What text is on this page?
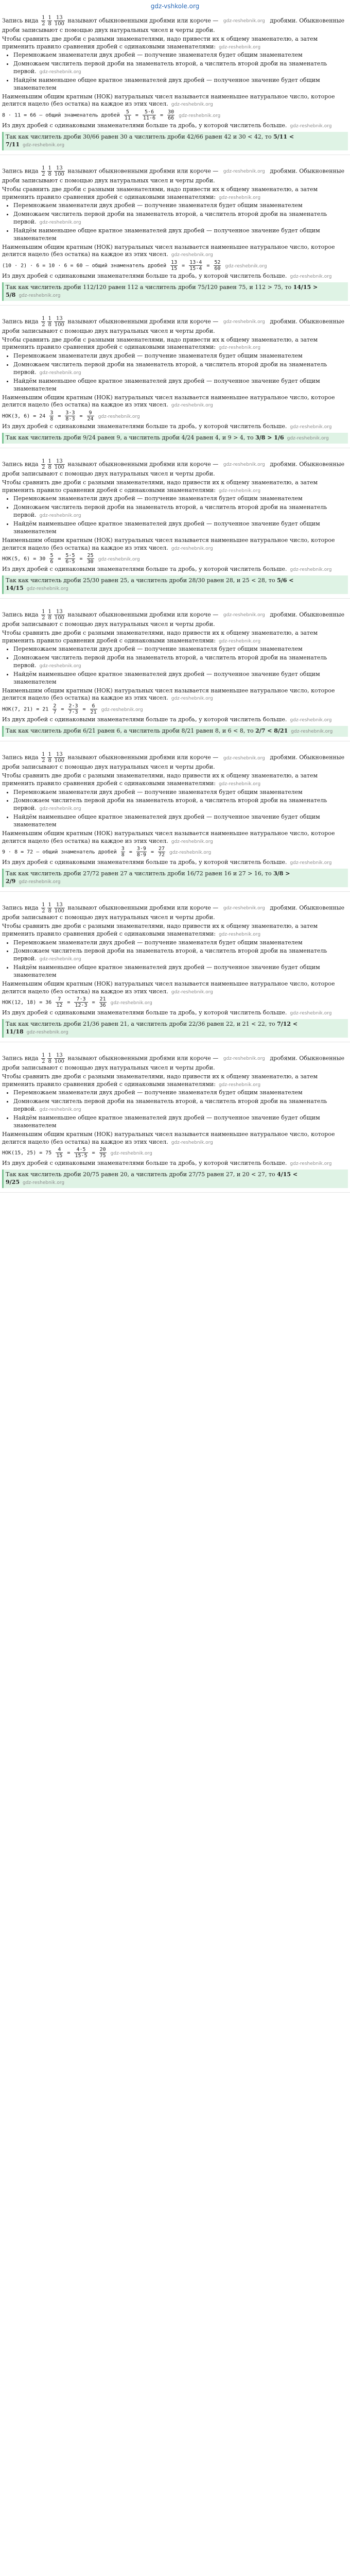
gdz-vshkole.org

Запись вида $\frac{1}{2} \frac{1}{8} \frac{13}{100}$ называют обыкновенными дробями или короче — gdz-reshebnik.org дробями. Обыкновенные дроби записывают с помощью двух натуральных чисел и черты дроби.

Чтобы сравнить две дроби с разными знаменателями, надо привести их к общему знаменателю, а затем применить правило сравнения дробей с одинаковыми знаменателями: gdz-reshebnik.org

• Перемножаем знаменатели двух дробей — получение знаменателя будет общим знаменателем
• Домножаем числитель первой дроби на знаменатель второй, а числитель второй дроби на знаменатель первой. gdz-reshebnik.org
• Найдём наименьшее общее кратное знаменателей двух дробей — полученное значение будет общим знаменателем

Наименьшим общим кратным (НОК) натуральных чисел называется наименьшее натуральное число, которое делится нацело (без остатка) на каждое из этих чисел. gdz-reshebnik.org

8 · 11 = 66 — общий знаменатель дробей $\frac{5}{11} = \frac{5\cdot 6}{11\cdot 6} = \frac{30}{66}$ gdz-reshebnik.org

Из двух дробей с одинаковыми знаменателями больше та дробь, у которой числитель больше. gdz-reshebnik.org

Так как числитель дроби 30/66 равен 30 а числитель дроби 42/66 равен 42 и 30 < 42, то 5/11 < 7/11 gdz-reshebnik.org

Запись вида $\frac{1}{2} \frac{1}{8} \frac{13}{100}$ называют обыкновенными дробями или короче — gdz-reshebnik.org дробями. Обыкновенные дроби записывают с помощью двух натуральных чисел и черты дроби.

Чтобы сравнить две дроби с разными знаменателями, надо привести их к общему знаменателю, а затем применить правило сравнения дробей с одинаковыми знаменателями: gdz-reshebnik.org

• Перемножаем знаменатели двух дробей — получение знаменателя будет общим знаменателем
• Домножаем числитель первой дроби на знаменатель второй, а числитель второй дроби на знаменатель первой. gdz-reshebnik.org
• Найдём наименьшее общее кратное знаменателей двух дробей — полученное значение будет общим знаменателем

Наименьшим общим кратным (НОК) натуральных чисел называется наименьшее натуральное число, которое делится нацело (без остатка) на каждое из этих чисел. gdz-reshebnik.org

(10 · 2) · 6 = 10 · 6 = 60 — общий знаменатель дробей $\frac{13}{15} = \frac{13\cdot 4}{15\cdot 4} = \frac{52}{60}$ gdz-reshebnik.org

Из двух дробей с одинаковыми знаменателями больше та дробь, у которой числитель больше. gdz-reshebnik.org

Так как числитель дроби 112/120 равен 112 а числитель дроби 75/120 равен 75, и 112 > 75, то 14/15 > 5/8 gdz-reshebnik.org

Запись вида $\frac{1}{2} \frac{1}{8} \frac{13}{100}$ называют обыкновенными дробями или короче — gdz-reshebnik.org дробями. Обыкновенные дроби записывают с помощью двух натуральных чисел и черты дроби.

Чтобы сравнить две дроби с разными знаменателями, надо привести их к общему знаменателю, а затем применить правило сравнения дробей с одинаковыми знаменателями: gdz-reshebnik.org

• Перемножаем знаменатели двух дробей — получение знаменателя будет общим знаменателем
• Домножаем числитель первой дроби на знаменатель второй, а числитель второй дроби на знаменатель первой. gdz-reshebnik.org
• Найдём наименьшее общее кратное знаменателей двух дробей — полученное значение будет общим знаменателем

Наименьшим общим кратным (НОК) натуральных чисел называется наименьшее натуральное число, которое делится нацело (без остатка) на каждое из этих чисел. gdz-reshebnik.org

НОК(3, $6) = 24 \frac{3}{8} = \frac{3\cdot 3}{8\cdot 3} = \frac{9}{24}$ gdz-reshebnik.org

Из двух дробей с одинаковыми знаменателями больше та дробь, у которой числитель больше. gdz-reshebnik.org

Так как числитель дроби 9/24 равен 9, а числитель дроби 4/24 равен 4, и 9 > 4, то 3/8 > 1/6 gdz-reshebnik.org

Запись вида $\frac{1}{2} \frac{1}{8} \frac{13}{100}$ называют обыкновенными дробями или короче — gdz-reshebnik.org дробями. Обыкновенные дроби записывают с помощью двух натуральных чисел и черты дроби.

Чтобы сравнить две дроби с разными знаменателями, надо привести их к общему знаменателю, а затем применить правило сравнения дробей с одинаковыми знаменателями: gdz-reshebnik.org

• Перемножаем знаменатели двух дробей — получение знаменателя будет общим знаменателем
• Домножаем числитель первой дроби на знаменатель второй, а числитель второй дроби на знаменатель первой. gdz-reshebnik.org
• Найдём наименьшее общее кратное знаменателей двух дробей — полученное значение будет общим знаменателем

Наименьшим общим кратным (НОК) натуральных чисел называется наименьшее натуральное число, которое делится нацело (без остатка) на каждое из этих чисел. gdz-reshebnik.org

НОК(5, $6) = 30 \frac{5}{6} = \frac{5\cdot 5}{6\cdot 5} = \frac{25}{30}$ gdz-reshebnik.org

Из двух дробей с одинаковыми знаменателями больше та дробь, у которой числитель больше. gdz-reshebnik.org

Так как числитель дроби 25/30 равен 25, а числитель дроби 28/30 равен 28, и 25 < 28, то 5/6 < 14/15 gdz-reshebnik.org

Запись вида $\frac{1}{2} \frac{1}{8} \frac{13}{100}$ называют обыкновенными дробями или короче — gdz-reshebnik.org дробями. Обыкновенные дроби записывают с помощью двух натуральных чисел и черты дроби.

Чтобы сравнить две дроби с разными знаменателями, надо привести их к общему знаменателю, а затем применить правило сравнения дробей с одинаковыми знаменателями: gdz-reshebnik.org

• Перемножаем знаменатели двух дробей — получение знаменателя будет общим знаменателем
• Домножаем числитель первой дроби на знаменатель второй, а числитель второй дроби на знаменатель первой. gdz-reshebnik.org
• Найдём наименьшее общее кратное знаменателей двух дробей — полученное значение будет общим знаменателем

Наименьшим общим кратным (НОК) натуральных чисел называется наименьшее натуральное число, которое делится нацело (без остатка) на каждое из этих чисел. gdz-reshebnik.org

НОК(7, $21) = 21 \frac{2}{7} = \frac{2\cdot 3}{7\cdot 3} = \frac{6}{21}$ gdz-reshebnik.org

Из двух дробей с одинаковыми знаменателями больше та дробь, у которой числитель больше. gdz-reshebnik.org

Так как числитель дроби 6/21 равен 6, а числитель дроби 8/21 равен 8, и 6 < 8, то 2/7 < 8/21 gdz-reshebnik.org

Запись вида $\frac{1}{2} \frac{1}{8} \frac{13}{100}$ называют обыкновенными дробями или короче — gdz-reshebnik.org дробями. Обыкновенные дроби записывают с помощью двух натуральных чисел и черты дроби.

Чтобы сравнить две дроби с разными знаменателями, надо привести их к общему знаменателю, а затем применить правило сравнения дробей с одинаковыми знаменателями: gdz-reshebnik.org

• Перемножаем знаменатели двух дробей — получение знаменателя будет общим знаменателем
• Домножаем числитель первой дроби на знаменатель второй, а числитель второй дроби на знаменатель первой. gdz-reshebnik.org
• Найдём наименьшее общее кратное знаменателей двух дробей — полученное значение будет общим знаменателем

Наименьшим общим кратным (НОК) натуральных чисел называется наименьшее натуральное число, которое делится нацело (без остатка) на каждое из этих чисел. gdz-reshebnik.org

9 · 8 = 72 — общий знаменатель дробей $\frac{3}{8} = \frac{3\cdot 9}{8\cdot 9} = \frac{27}{72}$ gdz-reshebnik.org

Из двух дробей с одинаковыми знаменателями больше та дробь, у которой числитель больше. gdz-reshebnik.org

Так как числитель дроби 27/72 равен 27 а числитель дроби 16/72 равен 16 и 27 > 16, то 3/8 > 2/9 gdz-reshebnik.org

Запись вида $\frac{1}{2} \frac{1}{8} \frac{13}{100}$ называют обыкновенными дробями или короче — gdz-reshebnik.org дробями. Обыкновенные дроби записывают с помощью двух натуральных чисел и черты дроби.

Чтобы сравнить две дроби с разными знаменателями, надо привести их к общему знаменателю, а затем применить правило сравнения дробей с одинаковыми знаменателями: gdz-reshebnik.org

• Перемножаем знаменатели двух дробей — получение знаменателя будет общим знаменателем
• Домножаем числитель первой дроби на знаменатель второй, а числитель второй дроби на знаменатель первой. gdz-reshebnik.org
• Найдём наименьшее общее кратное знаменателей двух дробей — полученное значение будет общим знаменателем

Наименьшим общим кратным (НОК) натуральных чисел называется наименьшее натуральное число, которое делится нацело (без остатка) на каждое из этих чисел. gdz-reshebnik.org

НОК(12, $18) = 36 \frac{7}{12} = \frac{7\cdot 3}{12\cdot 3} = \frac{21}{36}$ gdz-reshebnik.org

Из двух дробей с одинаковыми знаменателями больше та дробь, у которой числитель больше. gdz-reshebnik.org

Так как числитель дроби 21/36 равен 21, а числитель дроби 22/36 равен 22, и 21 < 22, то 7/12 < 11/18 gdz-reshebnik.org

Запись вида $\frac{1}{2} \frac{1}{8} \frac{13}{100}$ называют обыкновенными дробями или короче — gdz-reshebnik.org дробями. Обыкновенные дроби записывают с помощью двух натуральных чисел и черты дроби.

Чтобы сравнить две дроби с разными знаменателями, надо привести их к общему знаменателю, а затем применить правило сравнения дробей с одинаковыми знаменателями: gdz-reshebnik.org

• Перемножаем знаменатели двух дробей — получение знаменателя будет общим знаменателем
• Домножаем числитель первой дроби на знаменатель второй, а числитель второй дроби на знаменатель первой. gdz-reshebnik.org
• Найдём наименьшее общее кратное знаменателей двух дробей — полученное значение будет общим знаменателем

Наименьшим общим кратным (НОК) натуральных чисел называется наименьшее натуральное число, которое делится нацело (без остатка) на каждое из этих чисел. gdz-reshebnik.org

НОК(15, $25) = 75 \frac{4}{15} = \frac{4\cdot 5}{15\cdot 5} = \frac{20}{75}$ gdz-reshebnik.org

Из двух дробей с одинаковыми знаменателями больше та дробь, у которой числитель больше. gdz-reshebnik.org

Так как числитель дроби 20/75 равен 20, а числитель дроби 27/75 равен 27, и 20 < 27, то 4/15 < 9/25 gdz-reshebnik.org
